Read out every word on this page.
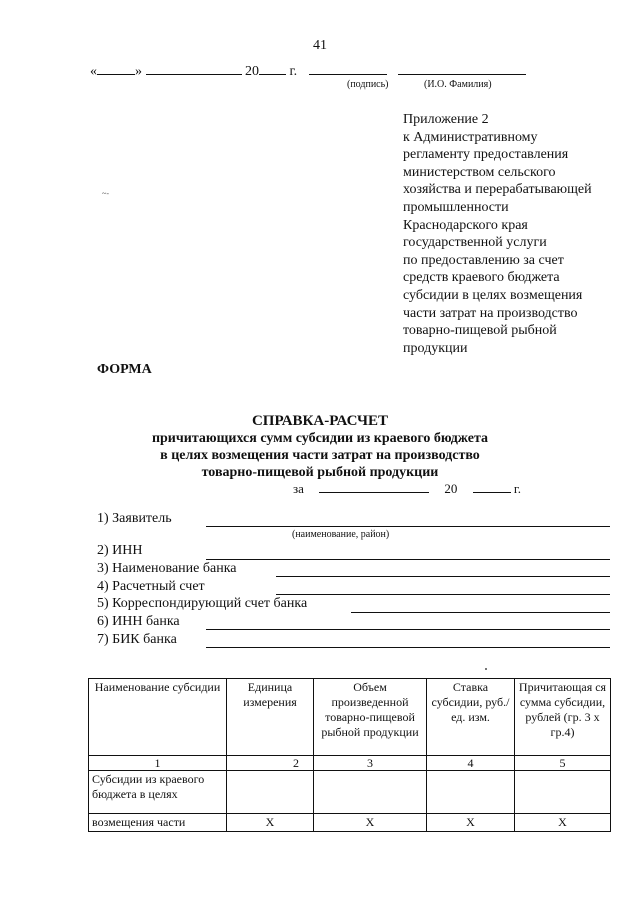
41
«	»	20 г.
(подпись)	(И.О. Фамилия)
Приложение 2
к Административному
регламенту предоставления
министерством сельского
хозяйства и перерабатывающей
промышленности
Краснодарского края
государственной услуги
по предоставлению за счет
средств краевого бюджета
субсидии в целях возмещения
части затрат на производство
товарно-пищевой рыбной
продукции
~-
ФОРМА
СПРАВКА-РАСЧЕТ
причитающихся сумм субсидии из краевого бюджета
в целях возмещения части затрат на производство
товарно-пищевой рыбной продукции
за	20	г.
1) Заявитель
(наименование, район)
2) ИНН
3) Наименование банка
4) Расчетный счет
5) Корреспондирующий счет банка
6) ИНН банка
7) БИК банка
Наименование субсидии	Единица измерения	Объем произведенной товарно-пищевой рыбной продукции	Ставка субсидии, руб./ед. изм.	Причитающая ся сумма субсидии, рублей (гр. 3 х гр.4)
1	2	3	4	5
Субсидии из краевого бюджета в целях				
возмещения части	Х	Х	Х	Х
